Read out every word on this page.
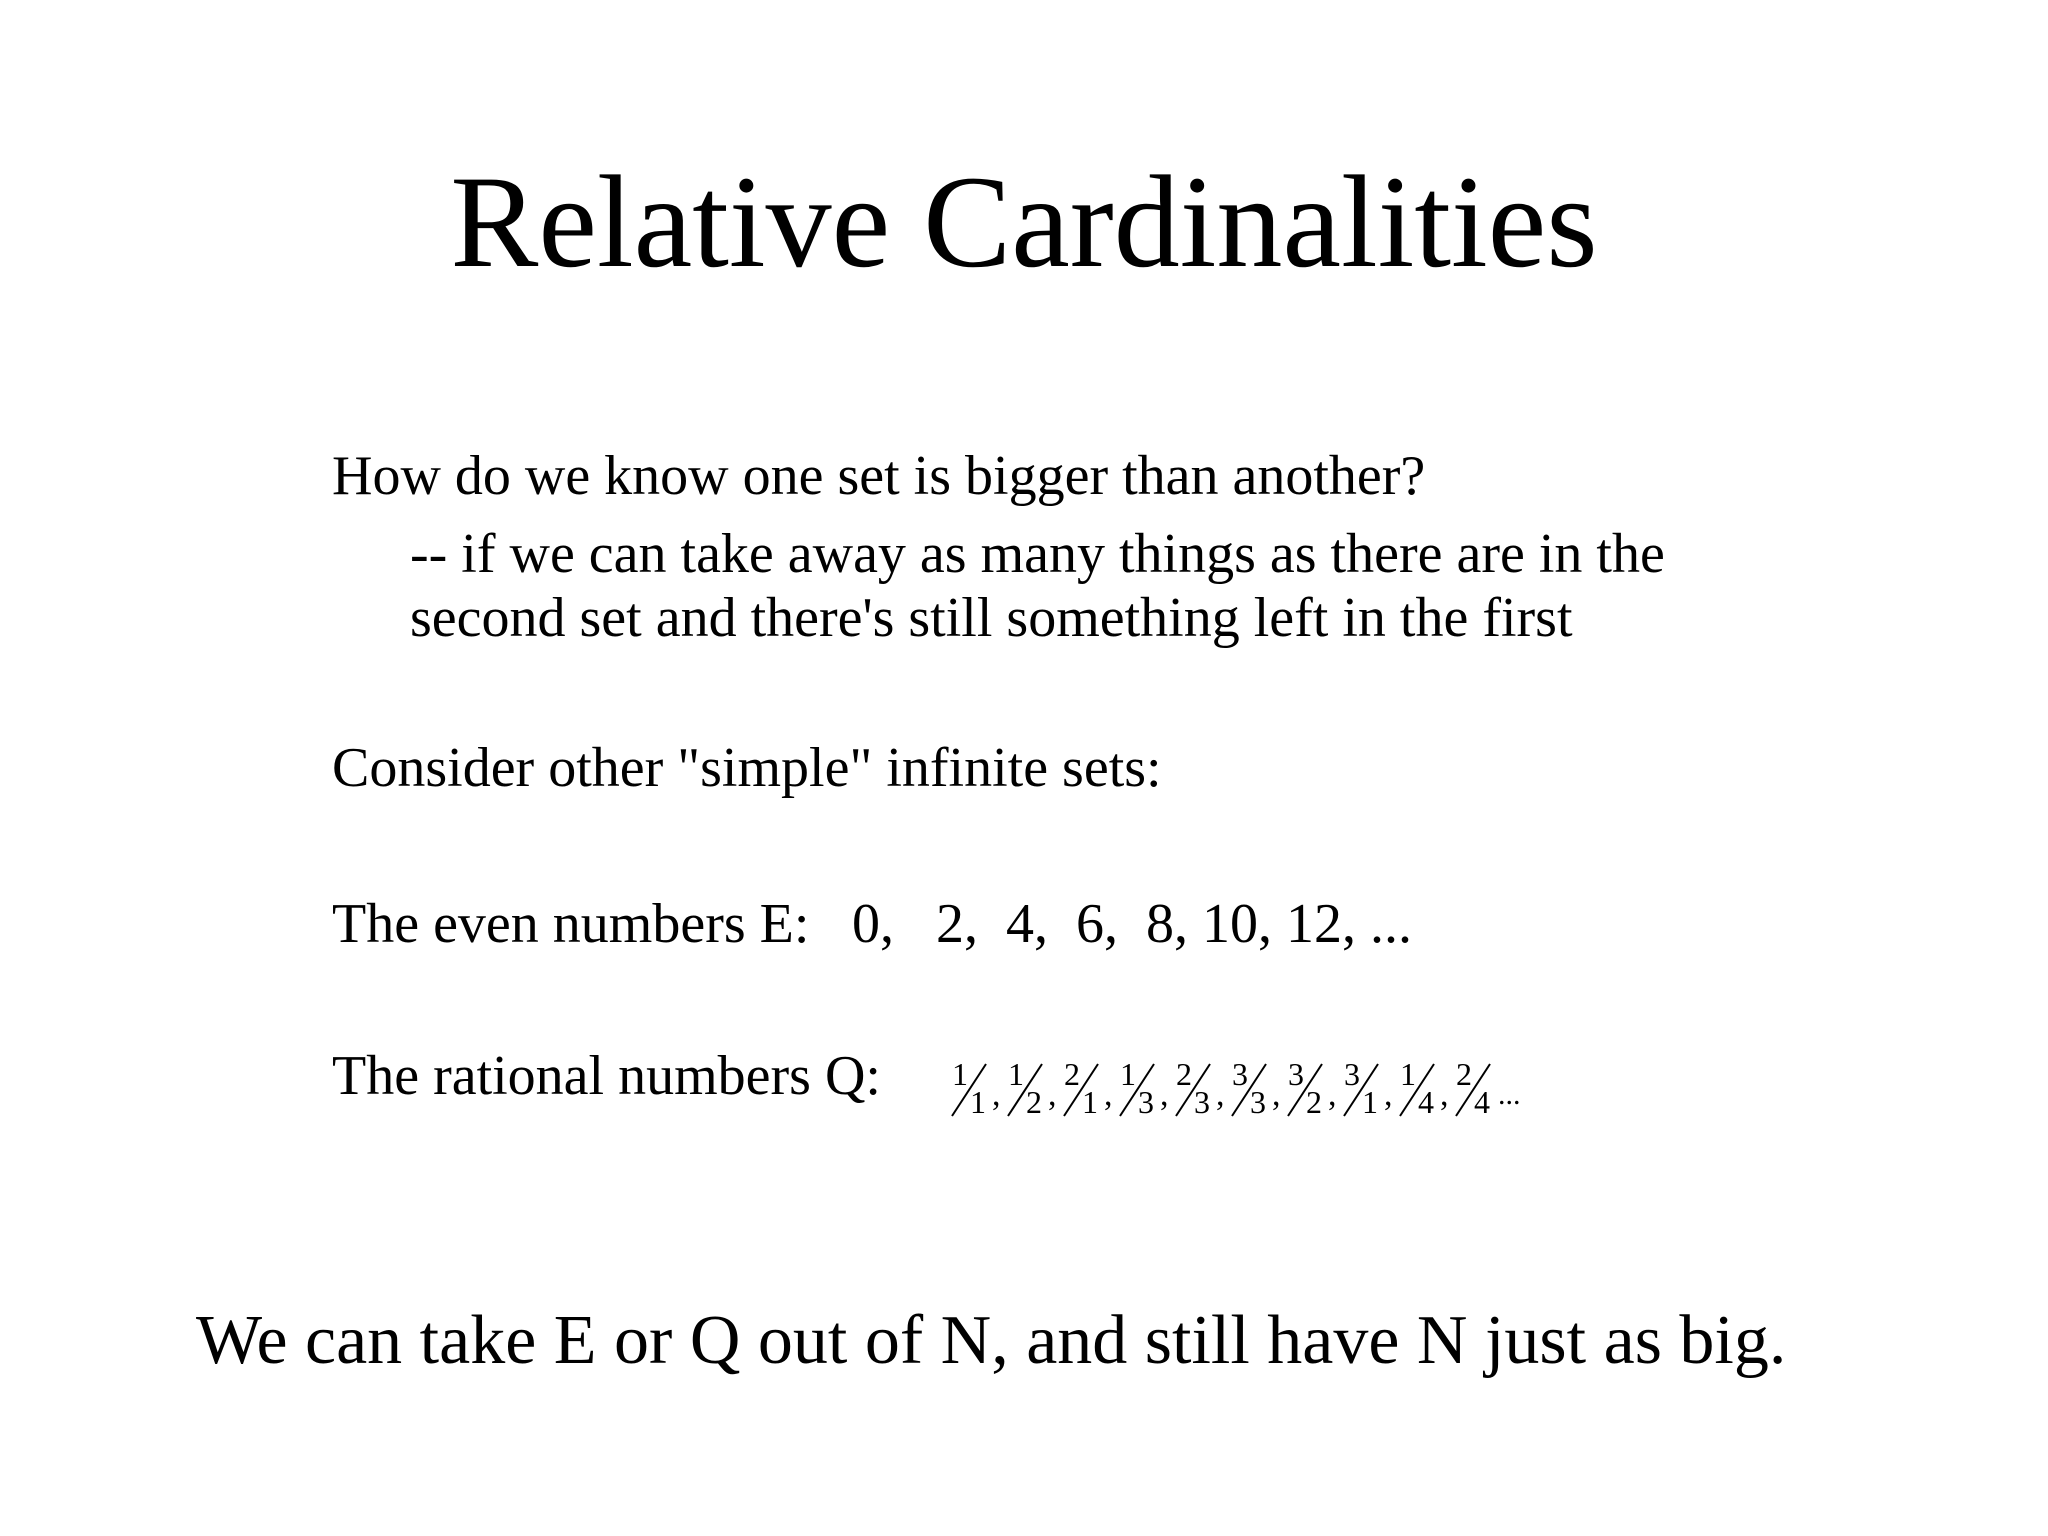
Relative Cardinalities
How do we know one set is bigger than another?
-- if we can take away as many things as there are in the
second set and there's still something left in the first
Consider other "simple" infinite sets:
The even numbers E: 0,   2,  4,  6,  8, 10, 12, ...
The rational numbers Q: 1
1 ,
1
2 ,
2
1 ,
1
3 ,
2
3 ,
3
3 ,
3
2 ,
3
1 ,
1
4 ,
2
4 ...
We can take E or Q out of N, and still have N just as big.
